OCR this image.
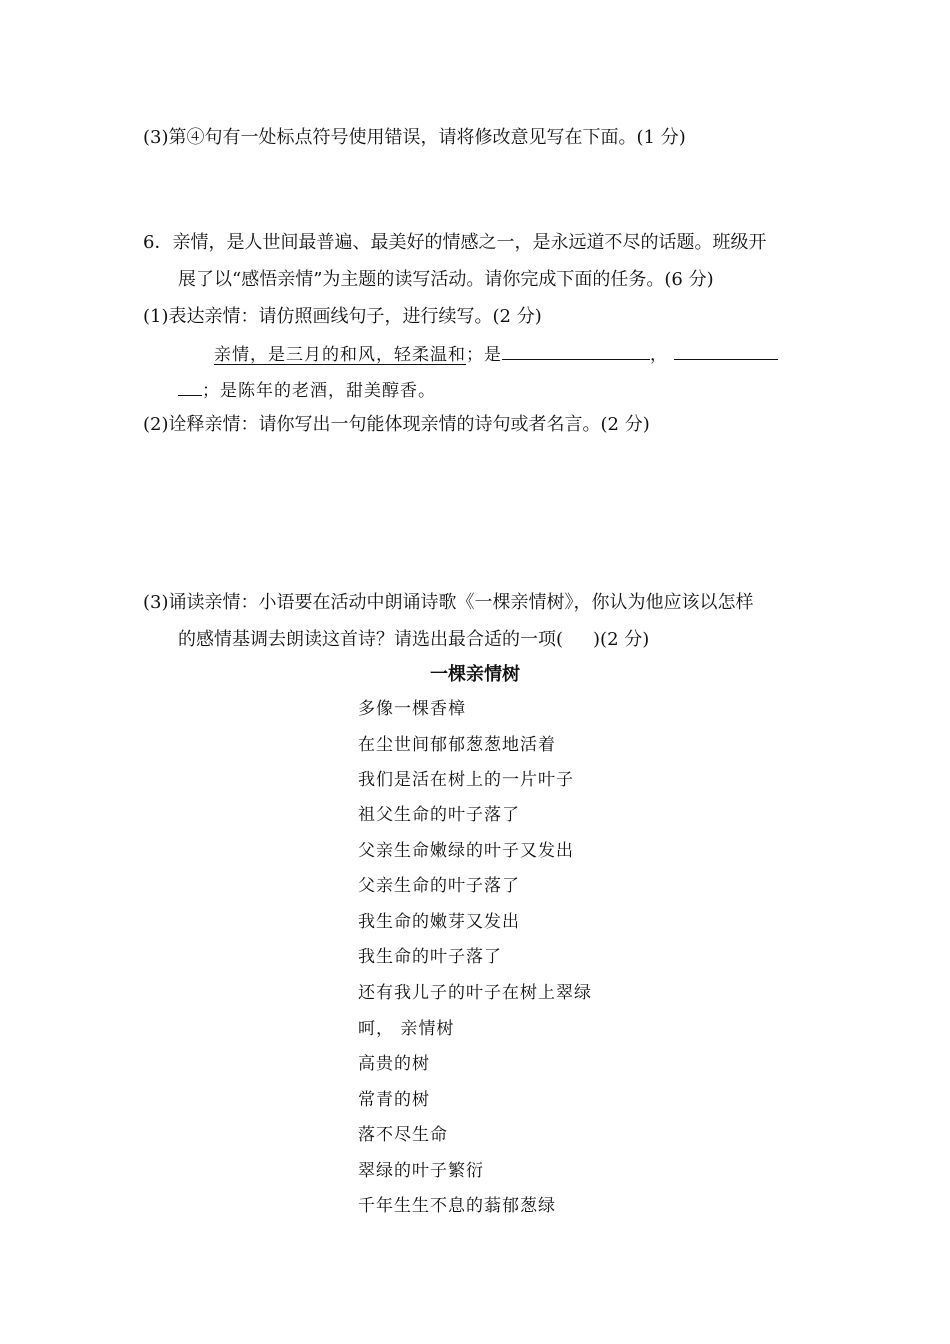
(3)第④句有一处标点符号使用错误，请将修改意见写在下面。(1 分)
6．亲情，是人世间最普遍、最美好的情感之一，是永远道不尽的话题。班级开
展了以“感悟亲情”为主题的读写活动。请你完成下面的任务。(6 分)
(1)表达亲情：请仿照画线句子，进行续写。(2 分)
亲情，是三月的和风，轻柔温和；是	，
；是陈年的老酒，甜美醇香。
(2)诠释亲情：请你写出一句能体现亲情的诗句或者名言。(2 分)
(3)诵读亲情：小语要在活动中朗诵诗歌《一棵亲情树》，你认为他应该以怎样
的感情基调去朗读这首诗？请选出最合适的一项( )(2 分)
一棵亲情树
多像一棵香樟
在尘世间郁郁葱葱地活着
我们是活在树上的一片叶子
祖父生命的叶子落了
父亲生命嫩绿的叶子又发出
父亲生命的叶子落了
我生命的嫩芽又发出
我生命的叶子落了
还有我儿子的叶子在树上翠绿
呵， 亲情树
高贵的树
常青的树
落不尽生命
翠绿的叶子繁衍
千年生生不息的蓊郁葱绿
